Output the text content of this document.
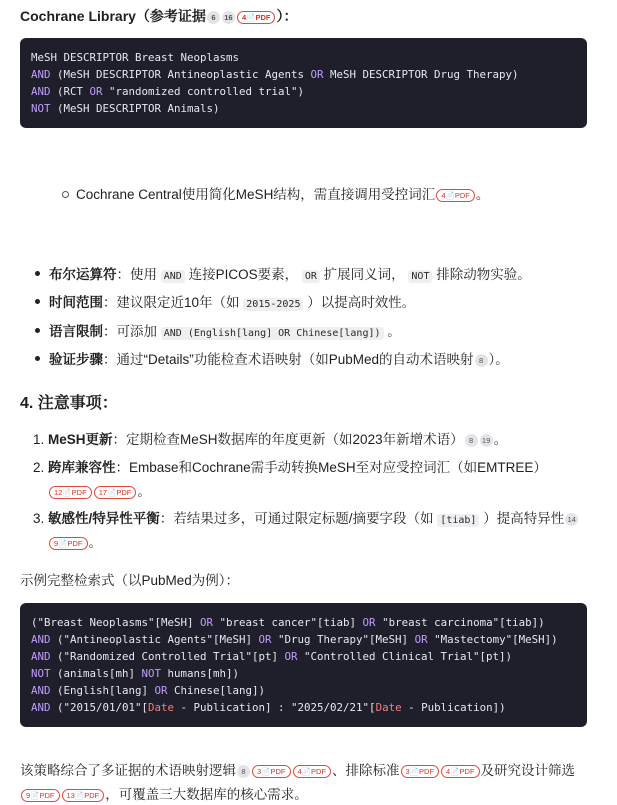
Cochrane Library（参考证据 6 16 4📄PDF ）：
MeSH DESCRIPTOR Breast Neoplasms
AND (MeSH DESCRIPTOR Antineoplastic Agents OR MeSH DESCRIPTOR Drug Therapy)
AND (RCT OR "randomized controlled trial")
NOT (MeSH DESCRIPTOR Animals)
Cochrane Central使用简化MeSH结构，需直接调用受控词汇 4📄PDF 。
布尔运算符：使用 AND 连接PICOS要素， OR 扩展同义词， NOT 排除动物实验。
时间范围：建议限定近10年（如 2015-2025 ）以提高时效性。
语言限制：可添加 AND (English[lang] OR Chinese[lang]) 。
验证步骤：通过“Details”功能检查术语映射（如PubMed的自动术语映射 8 ）。
4. 注意事项：
1. MeSH更新：定期检查MeSH数据库的年度更新（如2023年新增术语） 8 19 。
2. 跨库兼容性：Embase和Cochrane需手动转换MeSH至对应受控词汇（如EMTREE）
12📄PDF 17📄PDF 。
3. 敏感性/特异性平衡：若结果过多，可通过限定标题/摘要字段（如 [tiab] ）提高特异性 14
9📄PDF 。
示例完整检索式（以PubMed为例）：
("Breast Neoplasms"[MeSH] OR "breast cancer"[tiab] OR "breast carcinoma"[tiab])
AND ("Antineoplastic Agents"[MeSH] OR "Drug Therapy"[MeSH] OR "Mastectomy"[MeSH])
AND ("Randomized Controlled Trial"[pt] OR "Controlled Clinical Trial"[pt])
NOT (animals[mh] NOT humans[mh])
AND (English[lang] OR Chinese[lang])
AND ("2015/01/01"[Date - Publication] : "2025/02/21"[Date - Publication])
该策略综合了多证据的术语映射逻辑 8 3📄PDF 4📄PDF 、排除标准 3📄PDF 4📄PDF 及研究设计筛选
9📄PDF 13📄PDF ，可覆盖三大数据库的核心需求。
